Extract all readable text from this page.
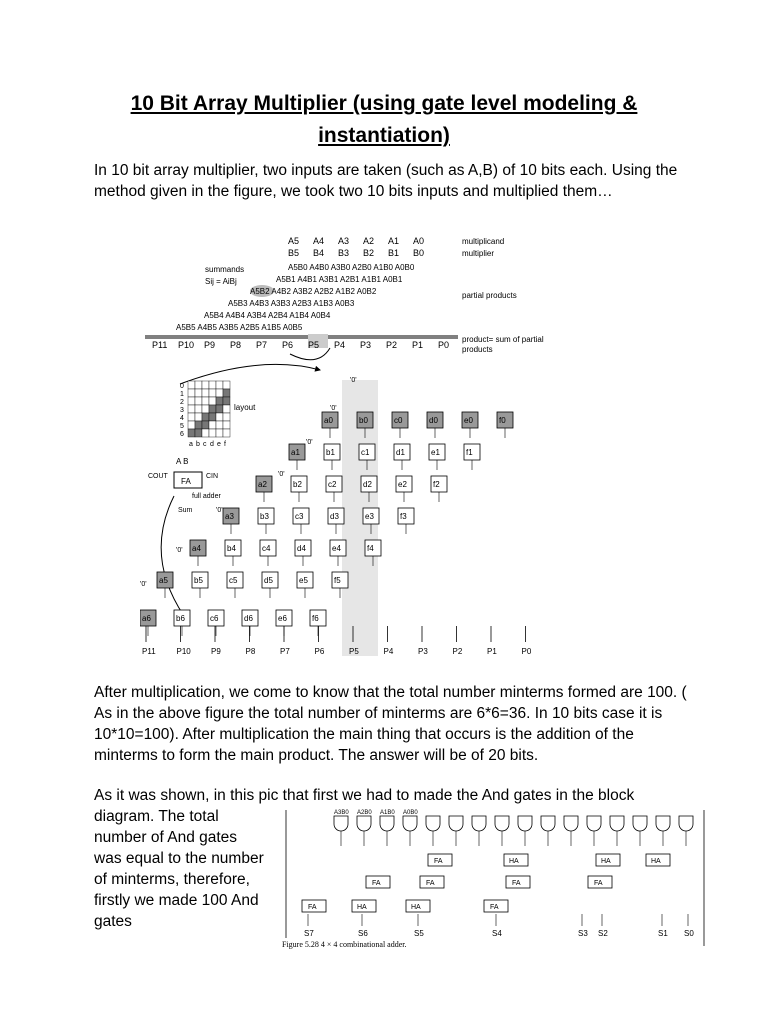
10 Bit Array Multiplier (using gate level modeling &
instantiation)

In 10 bit array multiplier, two inputs are taken (such as A,B) of 10 bits each. Using the method given in the figure, we took two 10 bits inputs and multiplied them…

A5 A4 A3 A2 A1 A0
B5 B4 B3 B2 B1 B0
multiplicand
multiplier
summands
Sij = AiBj
partial products
A5B0 A4B0 A3B0 A2B0 A1B0 A0B0
A5B1 A4B1 A3B1 A2B1 A1B1 A0B1
A5B2 A4B2 A3B2 A2B2 A1B2 A0B2
A5B3 A4B3 A3B3 A2B3 A1B3 A0B3
A5B4 A4B4 A3B4 A2B4 A1B4 A0B4
A5B5 A4B5 A3B5 A2B5 A1B5 A0B5
P11 P10 P9 P8 P7 P6 P5 P4 P3 P2 P1 P0
product= sum of partial
products
0
1
2
3
4
5
6
a b c d e f
layout
A B
COUT	CIN
FA
full adder
Sum
a0	b0	c0	d0	e0	f0
a1	b1	c1	d1	e1	f1
a2	b2	c2	d2	e2	f2
a3	b3	c3	d3	e3	f3
a4	b4	c4	d4	e4	f4
a5	b5	c5	d5	e5	f5
a6	b6	c6	d6	e6	f6
'0'
'0'
'0'
'0'
'0'
'0'
'0'
P11	P10	P9	P8	P7	P6	P5	P4	P3	P2	P1	P0

After multiplication, we come to know that the total number minterms formed are 100. ( As in the above figure the total number of minterms are 6*6=36. In 10 bits case it is 10*10=100). After multiplication the main thing that occurs is the addition of the minterms to form the main product. The answer will be of 20 bits.

As it was shown, in this pic that first we had to made the And gates in the block

diagram. The total number of And gates was equal to the number of minterms, therefore, firstly we made 100 And gates

A3B0 A2B0 A1B0 A0B0
FA
FA	FA	FA	FA
FA	FA
HA	HA	HA
HA
HA
S7	S6	S5	S4	S3 S2	S1 S0
Figure 5.28 4 × 4 combinational adder.
